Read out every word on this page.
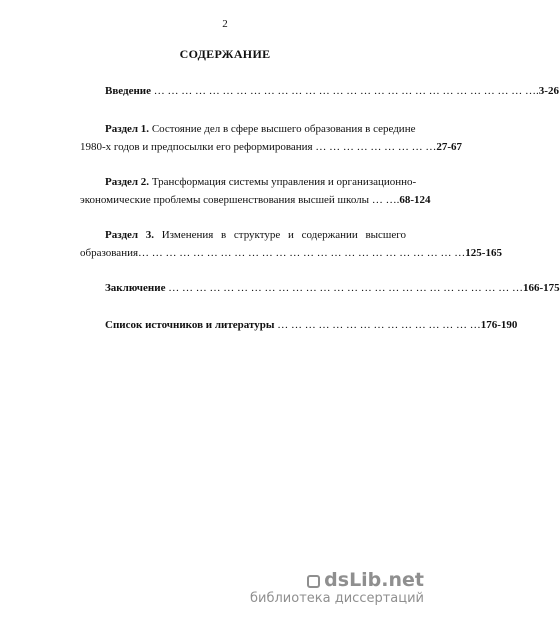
2
СОДЕРЖАНИЕ
Введение … … … … … … … … … … … … … … … … … … … … … … … … … … … ….3-26
Раздел 1. Состояние дел в сфере высшего образования в середине
1980-х годов и предпосылки его реформирования … … … … … … … … …27-67
Раздел 2. Трансформация системы управления и организационно-
экономические проблемы совершенствования высшей школы … ….68-124
Раздел 3. Изменения в структуре и содержании высшего
образования… … … … … … … … … … … … … … … … … … … … … … … …125-165
Заключение … … … … … … … … … … … … … … … … … … … … … … … … … …166-175
Список источников и литературы … … … … … … … … … … … … … … …176-190
dsLib.net
библиотека диссертаций
